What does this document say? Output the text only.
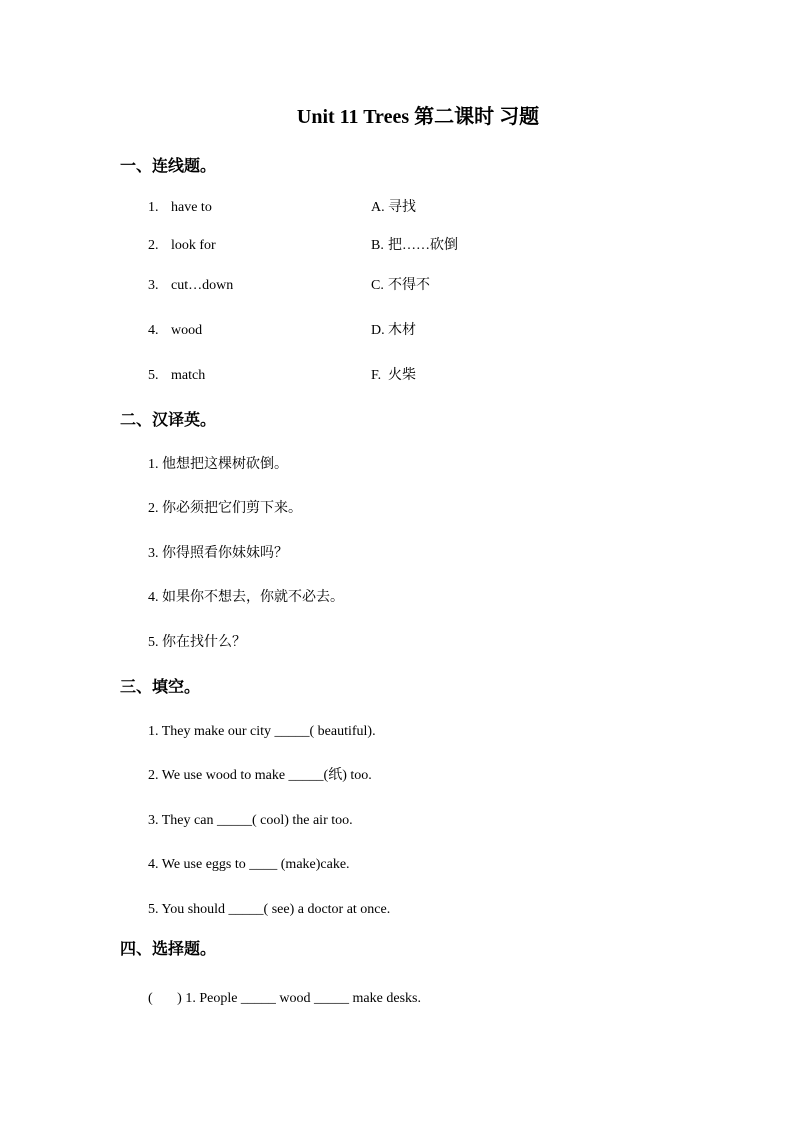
Unit 11 Trees 第二课时 习题
一、连线题。
1. have to
2. look for
3. cut…down
4. wood
5. match
A. 寻找
B. 把……砍倒
C. 不得不
D. 木材
F. 火柴
二、汉译英。
1. 他想把这棵树砍倒。
2. 你必须把它们剪下来。
3. 你得照看你妹妹吗？
4. 如果你不想去，你就不必去。
5. 你在找什么？
三、填空。
1. They make our city _____( beautiful).
2. We use wood to make _____(纸) too.
3. They can _____( cool) the air too.
4. We use eggs to ____ (make)cake.
5. You should _____( see) a doctor at once.
四、选择题。
(       ) 1. People _____ wood _____ make desks.
